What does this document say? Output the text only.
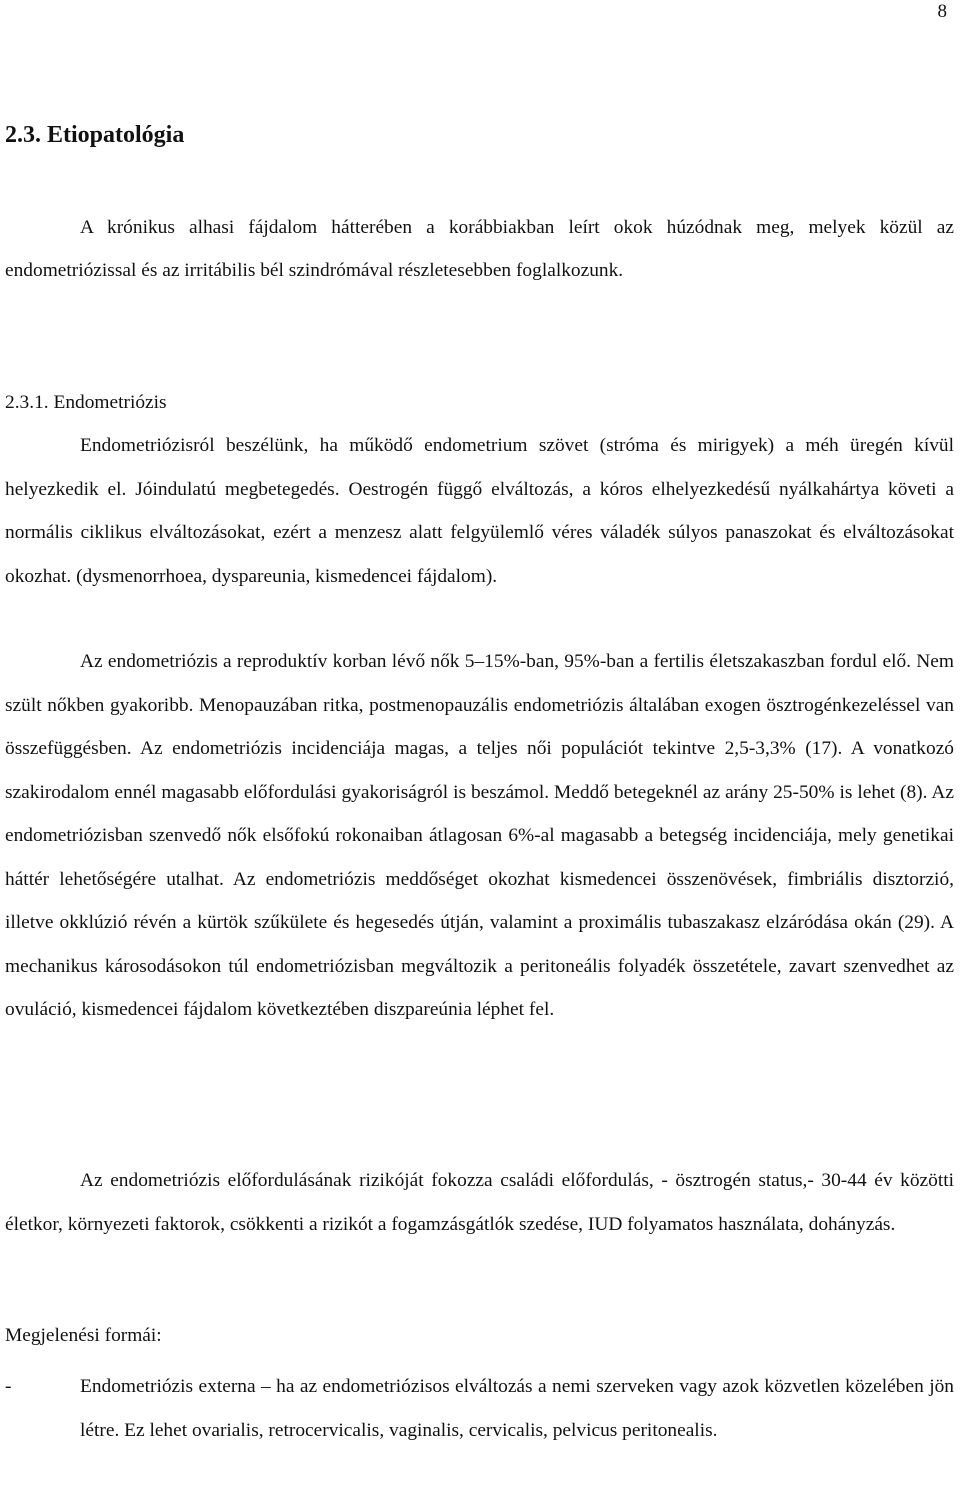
8
2.3. Etiopatológia

A krónikus alhasi fájdalom hátterében a korábbiakban leírt okok húzódnak meg, melyek közül az endometriózissal és az irritábilis bél szindrómával részletesebben foglalkozunk.

2.3.1. Endometriózis

Endometriózisról beszélünk, ha működő endometrium szövet (stróma és mirigyek) a méh üregén kívül helyezkedik el. Jóindulatú megbetegedés. Oestrogén függő elváltozás, a kóros elhelyezkedésű nyálkahártya követi a normális ciklikus elváltozásokat, ezért a menzesz alatt felgyülemlő véres váladék súlyos panaszokat és elváltozásokat okozhat. (dysmenorrhoea, dyspareunia, kismedencei fájdalom).

Az endometriózis a reproduktív korban lévő nők 5–15%-ban, 95%-ban a fertilis életszakaszban fordul elő. Nem szült nőkben gyakoribb. Menopauzában ritka, postmenopauzális endometriózis általában exogen ösztrogénkezeléssel van összefüggésben. Az endometriózis incidenciája magas, a teljes női populációt tekintve 2,5-3,3% (17). A vonatkozó szakirodalom ennél magasabb előfordulási gyakoriságról is beszámol. Meddő betegeknél az arány 25-50% is lehet (8). Az endometriózisban szenvedő nők elsőfokú rokonaiban átlagosan 6%-al magasabb a betegség incidenciája, mely genetikai háttér lehetőségére utalhat. Az endometriózis meddőséget okozhat kismedencei összenövések, fimbriális disztorzió, illetve okklúzió révén a kürtök szűkülete és hegesedés útján, valamint a proximális tubaszakasz elzáródása okán (29). A mechanikus károsodásokon túl endometriózisban megváltozik a peritoneális folyadék összetétele, zavart szenvedhet az ovuláció, kismedencei fájdalom következtében diszpareúnia léphet fel.

Az endometriózis előfordulásának rizikóját fokozza családi előfordulás, - ösztrogén status,- 30-44 év közötti életkor, környezeti faktorok, csökkenti a rizikót a fogamzásgátlók szedése, IUD folyamatos használata, dohányzás.

Megjelenési formái:

-	Endometriózis externa – ha az endometriózisos elváltozás a nemi szerveken vagy azok közvetlen közelében jön létre. Ez lehet ovarialis, retrocervicalis, vaginalis, cervicalis, pelvicus peritonealis.
